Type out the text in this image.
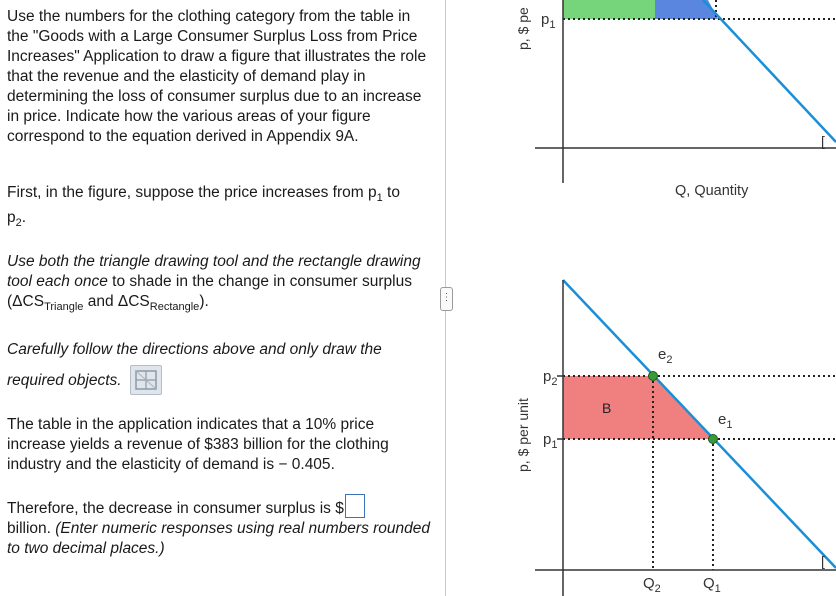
Use the numbers for the clothing category from the table in the "Goods with a Large Consumer Surplus Loss from Price Increases" Application to draw a figure that illustrates the role that the revenue and the elasticity of demand play in determining the loss of consumer surplus due to an increase in price. Indicate how the various areas of your figure correspond to the equation derived in Appendix 9A.

First, in the figure, suppose the price increases from $p_1$ to
$p_2$.

Use both the triangle drawing tool and the rectangle drawing tool each once to shade in the change in consumer surplus ($\Delta CS_{Triangle}$ and $\Delta CS_{Rectangle}$).

Carefully follow the directions above and only draw the
required objects.

The table in the application indicates that a 10% price increase yields a revenue of $383 billion for the clothing industry and the elasticity of demand is − 0.405.

Therefore, the decrease in consumer surplus is $
billion. (Enter numeric responses using real numbers rounded to two decimal places.)

⋮
p, $ pe $p_1$
Q, Quantity
[
p, $ per unit
$p_2$
$p_1$
$e_2$
$e_1$
B
$Q_2$	$Q_1$
[
